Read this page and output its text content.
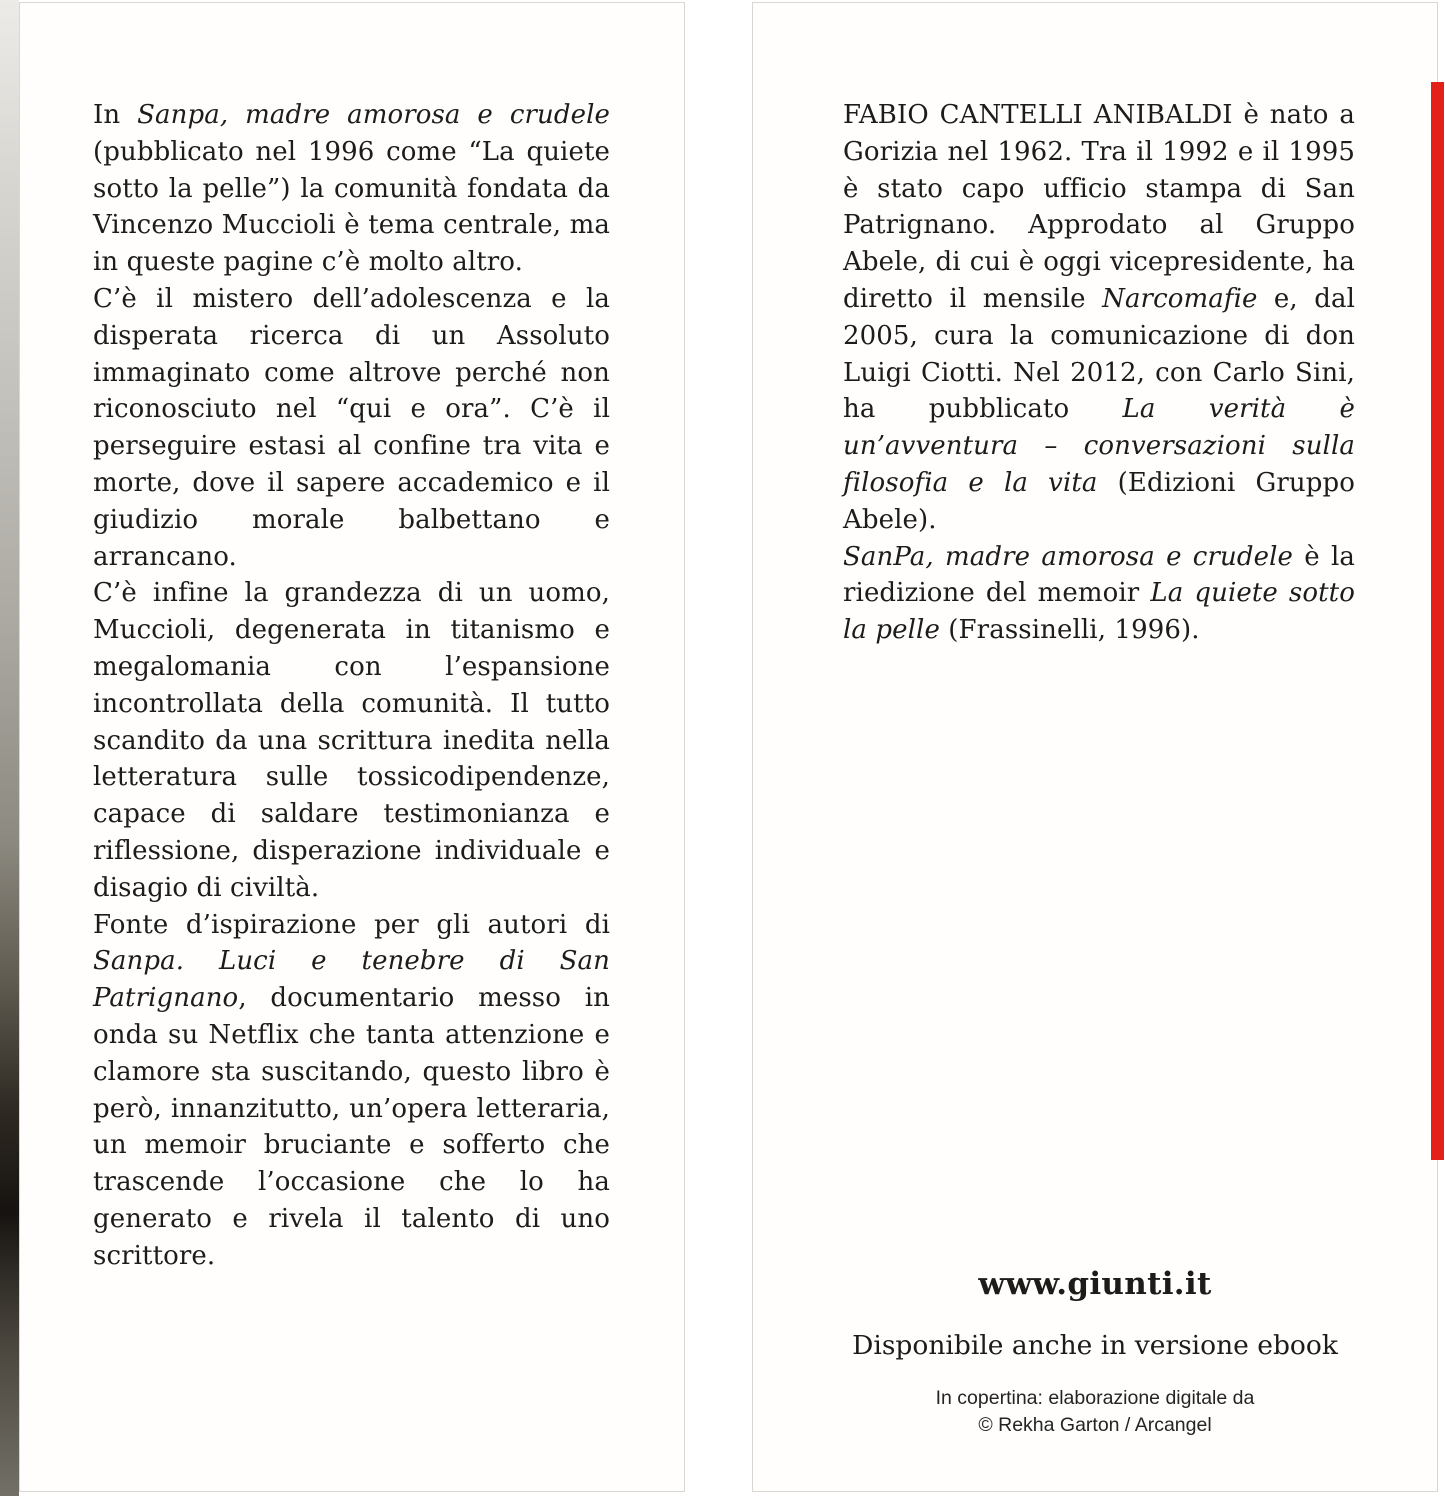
In Sanpa, madre amorosa e crudele (pubblicato nel 1996 come “La quiete sotto la pelle”) la comunità fondata da Vincenzo Muccioli è tema centrale, ma in queste pagine c’è molto altro.

C’è il mistero dell’adolescenza e la disperata ricerca di un Assoluto immaginato come altrove perché non riconosciuto nel “qui e ora”. C’è il perseguire estasi al confine tra vita e morte, dove il sapere accademico e il giudizio morale balbettano e arrancano.

C’è infine la grandezza di un uomo, Muccioli, degenerata in titanismo e megalomania con l’espansione incontrollata della comunità. Il tutto scandito da una scrittura inedita nella letteratura sulle tossicodipendenze, capace di saldare testimonianza e riflessione, disperazione individuale e disagio di civiltà.

Fonte d’ispirazione per gli autori di Sanpa. Luci e tenebre di San Patrignano, documentario messo in onda su Netflix che tanta attenzione e clamore sta suscitando, questo libro è però, innanzitutto, un’opera letteraria, un memoir bruciante e sofferto che trascende l’occasione che lo ha generato e rivela il talento di uno scrittore.

FABIO CANTELLI ANIBALDI è nato a Gorizia nel 1962. Tra il 1992 e il 1995 è stato capo ufficio stampa di San Patrignano. Approdato al Gruppo Abele, di cui è oggi vicepresidente, ha diretto il mensile Narcomafie e, dal 2005, cura la comunicazione di don Luigi Ciotti. Nel 2012, con Carlo Sini, ha pubblicato La verità è un’avventura – conversazioni sulla filosofia e la vita (Edizioni Gruppo Abele).

SanPa, madre amorosa e crudele è la riedizione del memoir La quiete sotto la pelle (Frassinelli, 1996).

www.giunti.it
Disponibile anche in versione ebook
In copertina: elaborazione digitale da
© Rekha Garton / Arcangel
